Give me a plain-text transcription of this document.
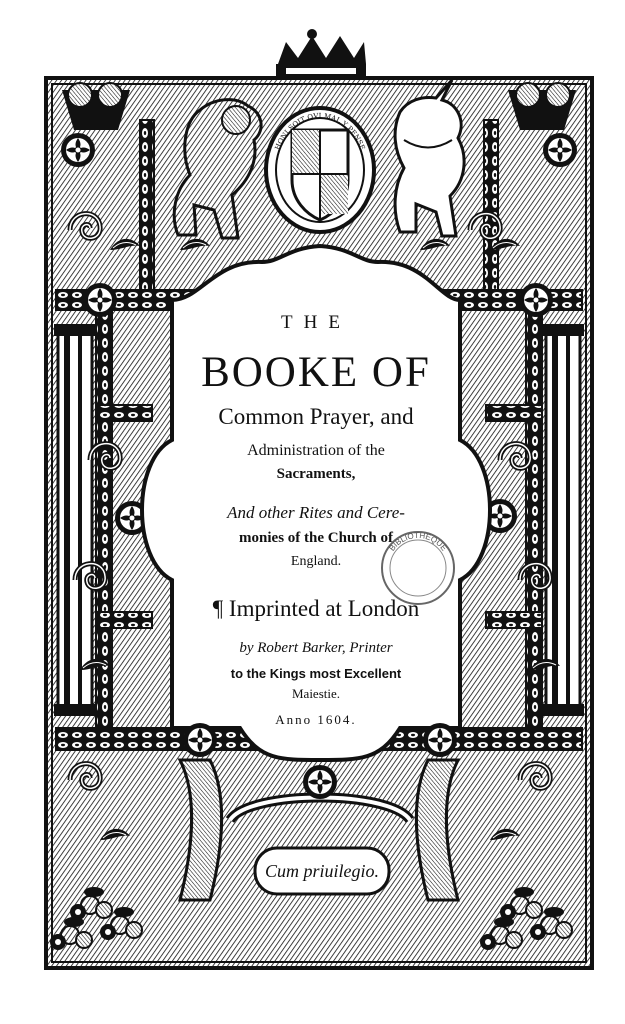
HONI SOIT QVI MAL Y PENSE
BIBLIOTHEQUE
THE
BOOKE OF
Common Prayer, and
Administration of the
Sacraments,
And other Rites and Cere-
monies of the Church of
England.
¶ Imprinted at London
by Robert Barker, Printer
to the Kings most Excellent
Maiestie.
Anno 1604.
Cum priuilegio.
